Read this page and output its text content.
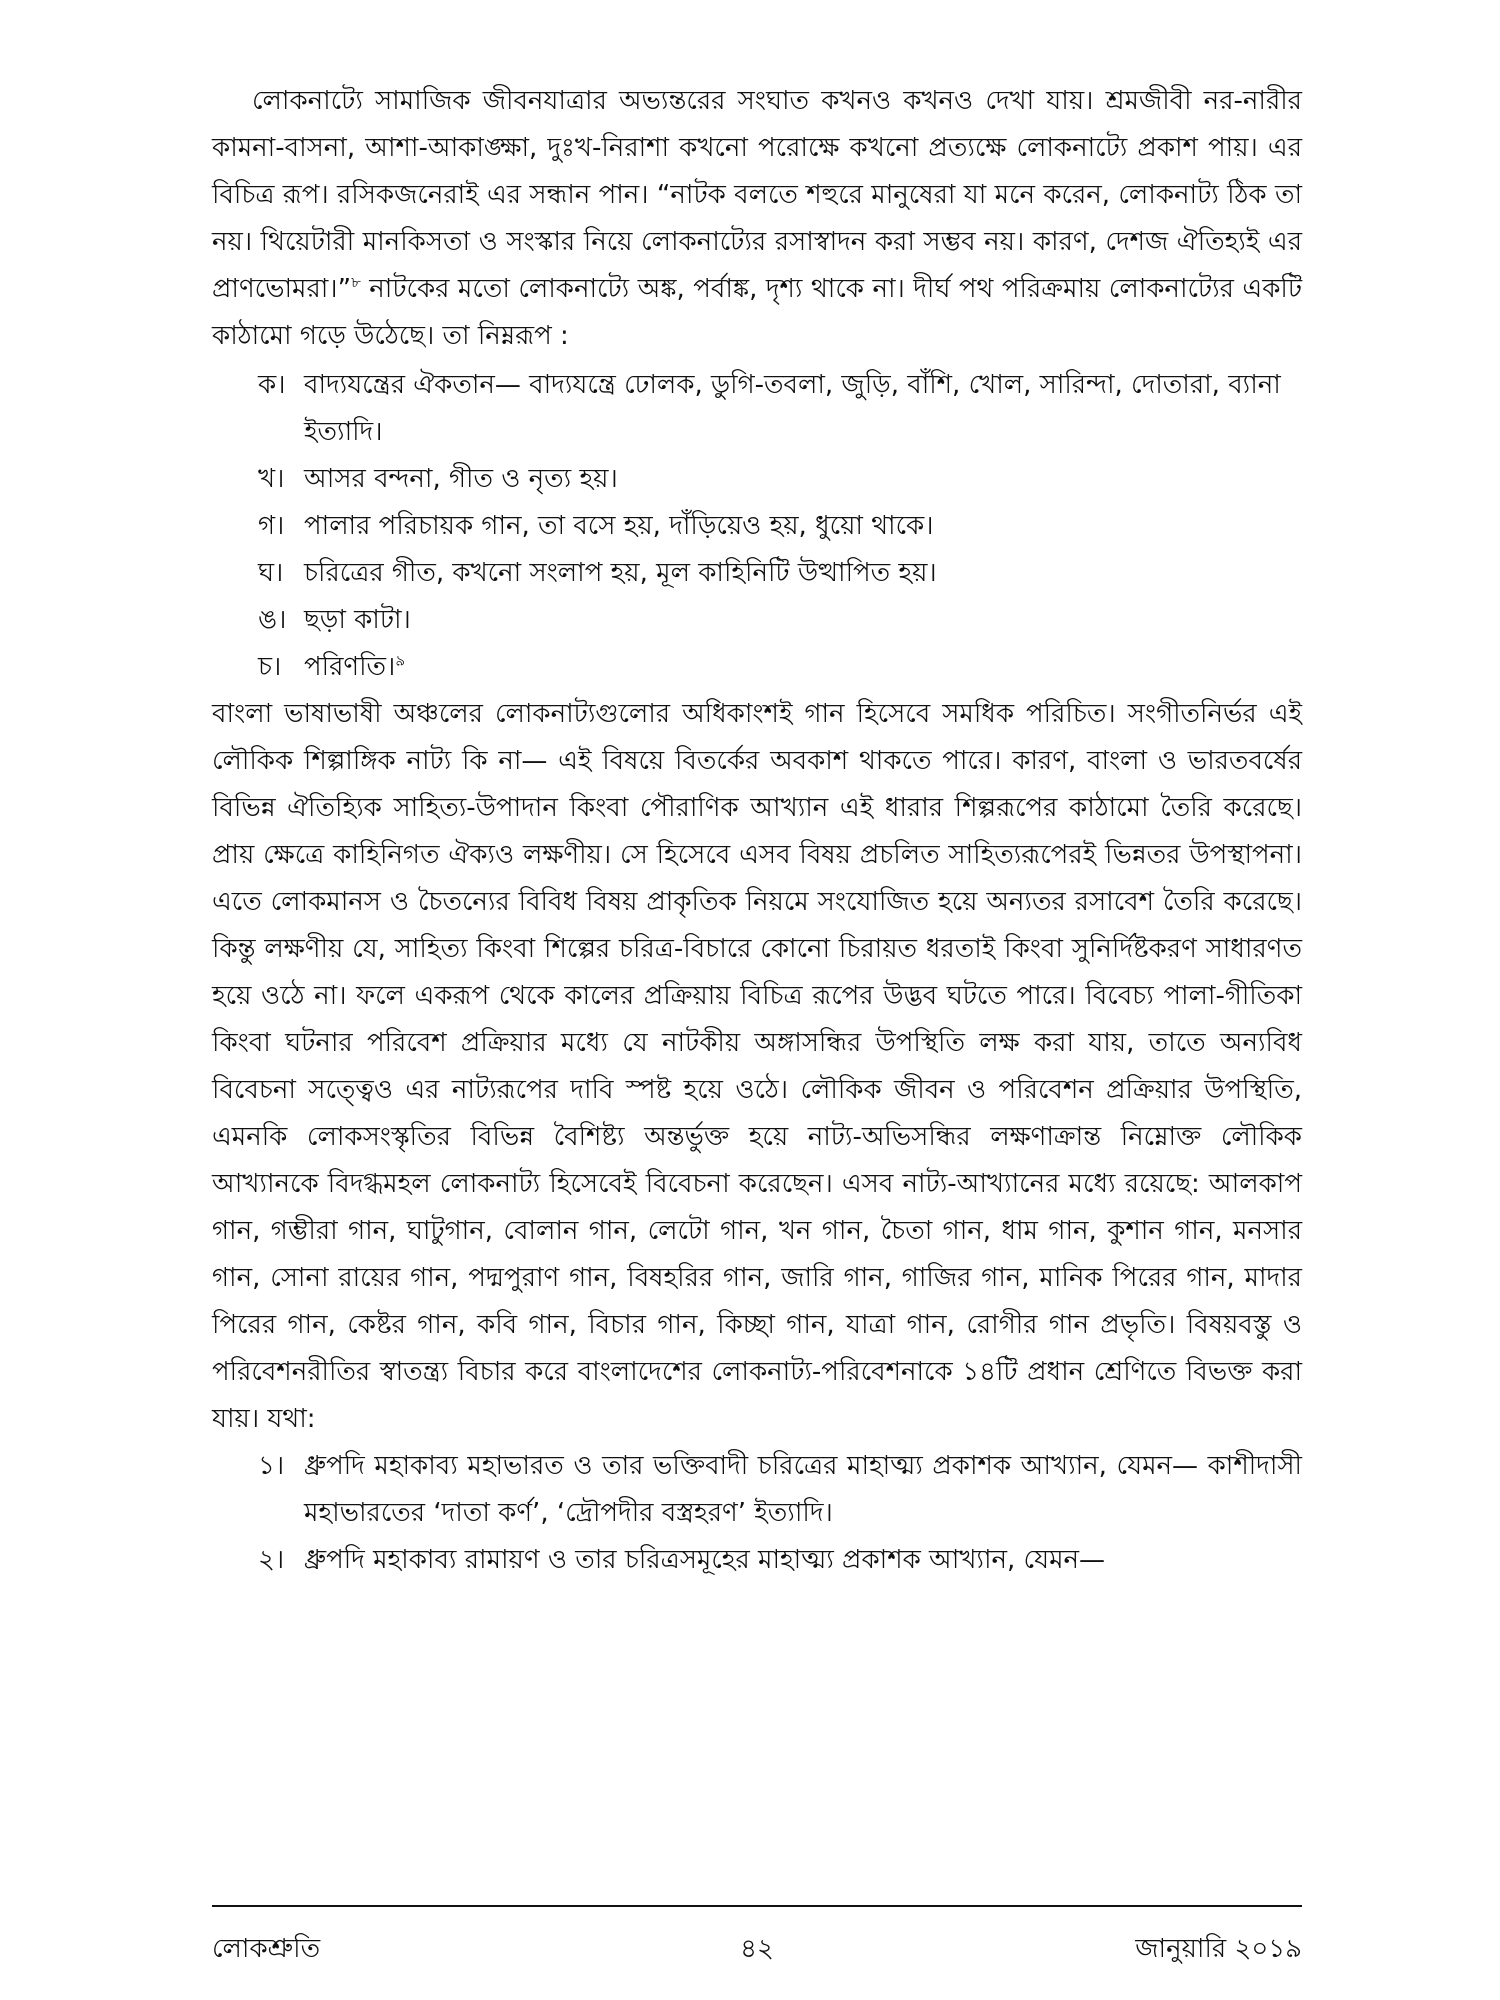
লোকনাট্যে সামাজিক জীবনযাত্রার অভ্যন্তরের সংঘাত কখনও কখনও দেখা যায়। শ্রমজীবী নর-নারীর কামনা-বাসনা, আশা-আকাঙ্ক্ষা, দুঃখ-নিরাশা কখনো পরোক্ষে কখনো প্রত্যক্ষে লোকনাট্যে প্রকাশ পায়। এর বিচিত্র রূপ। রসিকজনেরাই এর সন্ধান পান। “নাটক বলতে শহুরে মানুষেরা যা মনে করেন, লোকনাট্য ঠিক তা নয়। থিয়েটারী মানকিসতা ও সংস্কার নিয়ে লোকনাট্যের রসাস্বাদন করা সম্ভব নয়। কারণ, দেশজ ঐতিহ্যই এর প্রাণভোমরা।”$^৮$ নাটকের মতো লোকনাট্যে অঙ্ক, পর্বাঙ্ক, দৃশ্য থাকে না। দীর্ঘ পথ পরিক্রমায় লোকনাট্যের একটি কাঠামো গড়ে উঠেছে। তা নিম্নরূপ :

ক। বাদ্যযন্ত্রের ঐকতান— বাদ্যযন্ত্রে ঢোলক, ডুগি-তবলা, জুড়ি, বাঁশি, খোল, সারিন্দা, দোতারা, ব্যানা ইত্যাদি।
খ। আসর বন্দনা, গীত ও নৃত্য হয়।
গ। পালার পরিচায়ক গান, তা বসে হয়, দাঁড়িয়েও হয়, ধুয়ো থাকে।
ঘ। চরিত্রের গীত, কখনো সংলাপ হয়, মূল কাহিনিটি উত্থাপিত হয়।
ঙ। ছড়া কাটা।
চ। পরিণতি।$^৯$

বাংলা ভাষাভাষী অঞ্চলের লোকনাট্যগুলোর অধিকাংশই গান হিসেবে সমধিক পরিচিত। সংগীতনির্ভর এই লৌকিক শিল্পাঙ্গিক নাট্য কি না— এই বিষয়ে বিতর্কের অবকাশ থাকতে পারে। কারণ, বাংলা ও ভারতবর্ষের বিভিন্ন ঐতিহ্যিক সাহিত্য-উপাদান কিংবা পৌরাণিক আখ্যান এই ধারার শিল্পরূপের কাঠামো তৈরি করেছে। প্রায় ক্ষেত্রে কাহিনিগত ঐক্যও লক্ষণীয়। সে হিসেবে এসব বিষয় প্রচলিত সাহিত্যরূপেরই ভিন্নতর উপস্থাপনা। এতে লোকমানস ও চৈতন্যের বিবিধ বিষয় প্রাকৃতিক নিয়মে সংযোজিত হয়ে অন্যতর রসাবেশ তৈরি করেছে। কিন্তু লক্ষণীয় যে, সাহিত্য কিংবা শিল্পের চরিত্র-বিচারে কোনো চিরায়ত ধরতাই কিংবা সুনির্দিষ্টকরণ সাধারণত হয়ে ওঠে না। ফলে একরূপ থেকে কালের প্রক্রিয়ায় বিচিত্র রূপের উদ্ভব ঘটতে পারে। বিবেচ্য পালা-গীতিকা কিংবা ঘটনার পরিবেশ প্রক্রিয়ার মধ্যে যে নাটকীয় অঙ্গাসন্ধির উপস্থিতি লক্ষ করা যায়, তাতে অন্যবিধ বিবেচনা সত্ত্বেও এর নাট্যরূপের দাবি স্পষ্ট হয়ে ওঠে। লৌকিক জীবন ও পরিবেশন প্রক্রিয়ার উপস্থিতি, এমনকি লোকসংস্কৃতির বিভিন্ন বৈশিষ্ট্য অন্তর্ভুক্ত হয়ে নাট্য-অভিসন্ধির লক্ষণাক্রান্ত নিম্নোক্ত লৌকিক আখ্যানকে বিদগ্ধমহল লোকনাট্য হিসেবেই বিবেচনা করেছেন। এসব নাট্য-আখ্যানের মধ্যে রয়েছে: আলকাপ গান, গম্ভীরা গান, ঘাটুগান, বোলান গান, লেটো গান, খন গান, চৈতা গান, ধাম গান, কুশান গান, মনসার গান, সোনা রায়ের গান, পদ্মপুরাণ গান, বিষহরির গান, জারি গান, গাজির গান, মানিক পিরের গান, মাদার পিরের গান, কেষ্টর গান, কবি গান, বিচার গান, কিচ্ছা গান, যাত্রা গান, রোগীর গান প্রভৃতি। বিষয়বস্তু ও পরিবেশনরীতির স্বাতন্ত্র্য বিচার করে বাংলাদেশের লোকনাট্য-পরিবেশনাকে ১৪টি প্রধান শ্রেণিতে বিভক্ত করা যায়। যথা:

১। ধ্রুপদি মহাকাব্য মহাভারত ও তার ভক্তিবাদী চরিত্রের মাহাত্ম্য প্রকাশক আখ্যান, যেমন— কাশীদাসী মহাভারতের ‘দাতা কর্ণ’, ‘দ্রৌপদীর বস্ত্রহরণ’ ইত্যাদি।
২। ধ্রুপদি মহাকাব্য রামায়ণ ও তার চরিত্রসমূহের মাহাত্ম্য প্রকাশক আখ্যান, যেমন—
লোকশ্রুতি	৪২	জানুয়ারি ২০১৯
